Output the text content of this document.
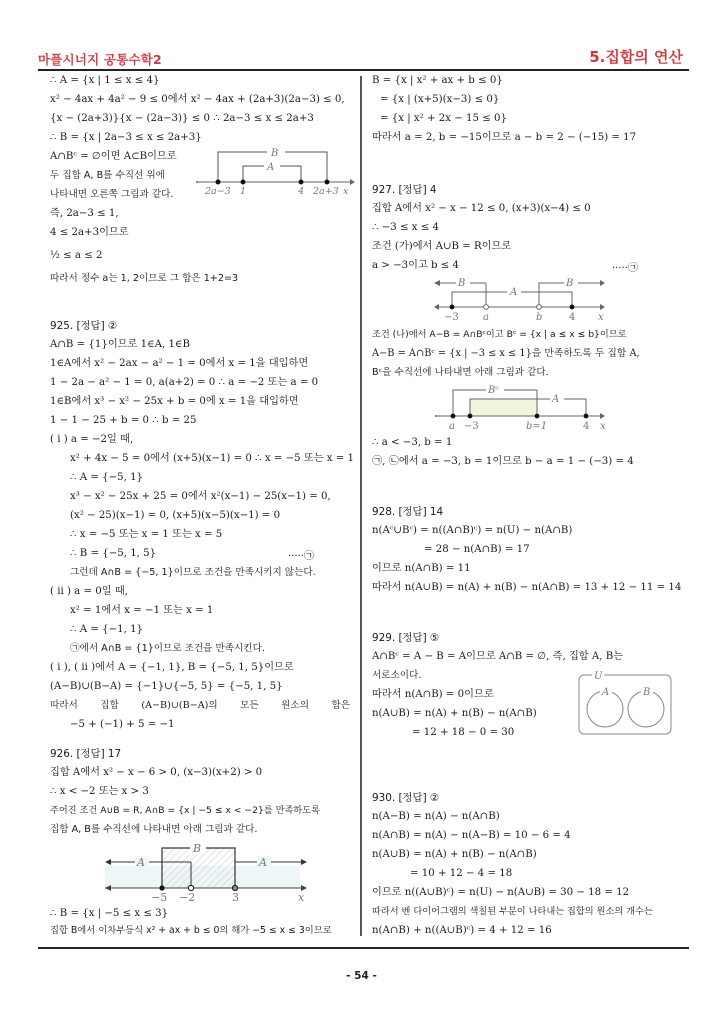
마플시너지 공통수학2	5.집합의 연산
∴ A = {x | 1 ≤ x ≤ 4}
x² − 4ax + 4a² − 9 ≤ 0에서 x² − 4ax + (2a+3)(2a−3) ≤ 0,
{x − (2a+3)}{x − (2a−3)} ≤ 0 ∴ 2a−3 ≤ x ≤ 2a+3
∴ B = {x | 2a−3 ≤ x ≤ 2a+3}
A∩Bᶜ = ∅이면 A⊂B이므로
두 집합 A, B를 수직선 위에
나타내면 오른쪽 그림과 같다.
즉, 2a−3 ≤ 1,
4 ≤ 2a+3이므로
½ ≤ a ≤ 2
따라서 정수 a는 1, 2이므로 그 합은 1+2=3
B
A
2a−3 1	4 2a+3 x
925. [정답] ②
A∩B = {1}이므로 1∈A, 1∈B
1∈A에서 x² − 2ax − a² − 1 = 0에서 x = 1을 대입하면
1 − 2a − a² − 1 = 0, a(a+2) = 0 ∴ a = −2 또는 a = 0
1∈B에서 x³ − x² − 25x + b = 0에 x = 1을 대입하면
1 − 1 − 25 + b = 0 ∴ b = 25
( i ) a = −2일 때,
x² + 4x − 5 = 0에서 (x+5)(x−1) = 0 ∴ x = −5 또는 x = 1
∴ A = {−5, 1}
x³ − x² − 25x + 25 = 0에서 x²(x−1) − 25(x−1) = 0,
(x² − 25)(x−1) = 0, (x+5)(x−5)(x−1) = 0
∴ x = −5 또는 x = 1 또는 x = 5
∴ B = {−5, 1, 5}	·····㉠
그런데 A∩B = {−5, 1}이므로 조건을 만족시키지 않는다.
( ii ) a = 0일 때,
x² = 1에서 x = −1 또는 x = 1
∴ A = {−1, 1}
㉠에서 A∩B = {1}이므로 조건을 만족시킨다.
( i ), ( ii )에서 A = {−1, 1}, B = {−5, 1, 5}이므로
(A−B)∪(B−A) = {−1}∪{−5, 5} = {−5, 1, 5}
따라서 집합 (A−B)∪(B−A)의 모든 원소의 합은
−5 + (−1) + 5 = −1
926. [정답] 17
집합 A에서 x² − x − 6 > 0, (x−3)(x+2) > 0
∴ x < −2 또는 x > 3
주어진 조건 A∪B = R, A∩B = {x | −5 ≤ x < −2}를 만족하도록
집합 A, B를 수직선에 나타내면 아래 그림과 같다.
B
A	A
−5 −2	3	x
∴ B = {x | −5 ≤ x ≤ 3}
집합 B에서 이차부등식 x² + ax + b ≤ 0의 해가 −5 ≤ x ≤ 3이므로
B = {x | x² + ax + b ≤ 0}
= {x | (x+5)(x−3) ≤ 0}
= {x | x² + 2x − 15 ≤ 0}
따라서 a = 2, b = −15이므로 a − b = 2 − (−15) = 17
927. [정답] 4
집합 A에서 x² − x − 12 ≤ 0, (x+3)(x−4) ≤ 0
∴ −3 ≤ x ≤ 4
조건 (가)에서 A∪B = R이므로
a > −3이고 b ≤ 4	·····㉠
B
A
B
−3 a	b	4 x
조건 (나)에서 A−B = A∩Bᶜ이고 Bᶜ = {x | a ≤ x ≤ b}이므로
A−B = A∩Bᶜ = {x | −3 ≤ x ≤ 1}을 만족하도록 두 집합 A,
Bᶜ을 수직선에 나타내면 아래 그림과 같다.
Bᶜ
A
a −3	b=1	4 x
∴ a < −3, b = 1
㉠, ㉡에서 a = −3, b = 1이므로 b − a = 1 − (−3) = 4
928. [정답] 14
n(Aᶜ∪Bᶜ) = n((A∩B)ᶜ) = n(U) − n(A∩B)
= 28 − n(A∩B) = 17
이므로 n(A∩B) = 11
따라서 n(A∪B) = n(A) + n(B) − n(A∩B) = 13 + 12 − 11 = 14
929. [정답] ⑤
A∩Bᶜ = A − B = A이므로 A∩B = ∅, 즉, 집합 A, B는
서로소이다.
따라서 n(A∩B) = 0이므로
n(A∪B) = n(A) + n(B) − n(A∩B)
= 12 + 18 − 0 = 30
U
A	B
930. [정답] ②
n(A−B) = n(A) − n(A∩B)
n(A∩B) = n(A) − n(A−B) = 10 − 6 = 4
n(A∪B) = n(A) + n(B) − n(A∩B)
= 10 + 12 − 4 = 18
이므로 n((A∪B)ᶜ) = n(U) − n(A∪B) = 30 − 18 = 12
따라서 벤 다이어그램의 색칠된 부분이 나타내는 집합의 원소의 개수는
n(A∩B) + n((A∪B)ᶜ) = 4 + 12 = 16
- 54 -
